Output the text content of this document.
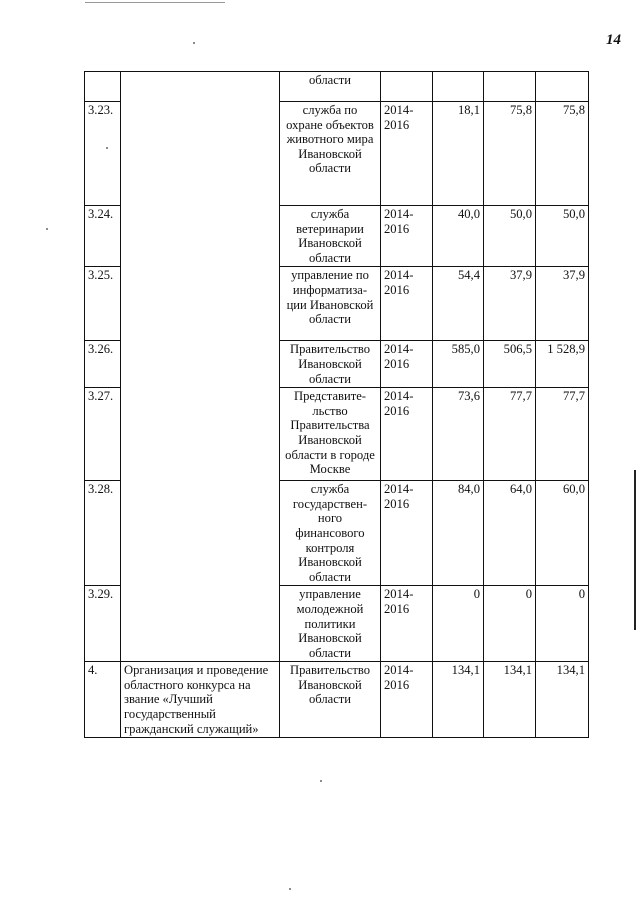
14
		области				
3.23.		служба по охране объектов животного мира Ивановской области	2014-2016	18,1	75,8	75,8
3.24.		служба ветеринарии Ивановской области	2014-2016	40,0	50,0	50,0
3.25.		управление по информатиза-ции Ивановской области	2014-2016	54,4	37,9	37,9
3.26.		Правительство Ивановской области	2014-2016	585,0	506,5	1 528,9
3.27.		Представите-льство Правительства Ивановской области в городе Москве	2014-2016	73,6	77,7	77,7
3.28.		служба государствен-ного финансового контроля Ивановской области	2014-2016	84,0	64,0	60,0
3.29.		управление молодежной политики Ивановской области	2014-2016	0	0	0
4.	Организация и проведение областного конкурса на звание «Лучший государственный гражданский служащий»	Правительство Ивановской области	2014-2016	134,1	134,1	134,1
